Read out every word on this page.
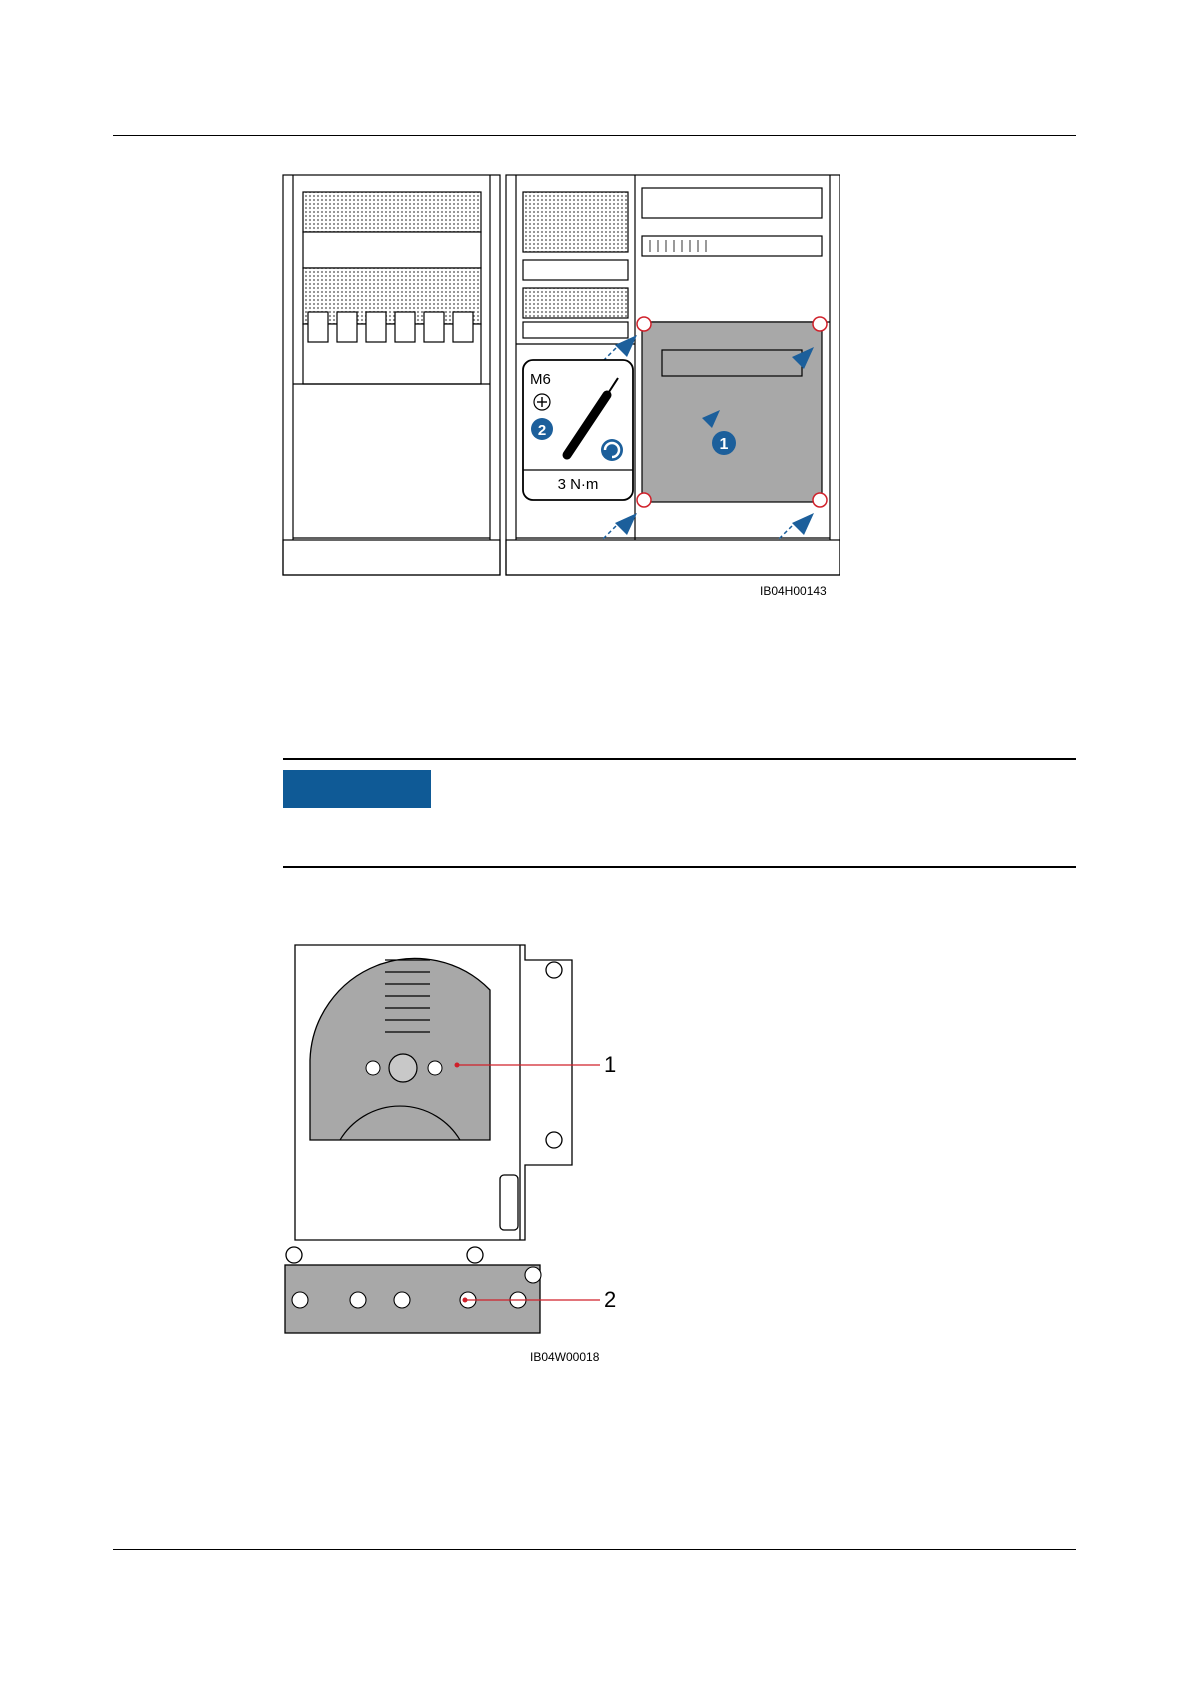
1
M6
2
3 N·m
IB04H00143
1
2
IB04W00018
